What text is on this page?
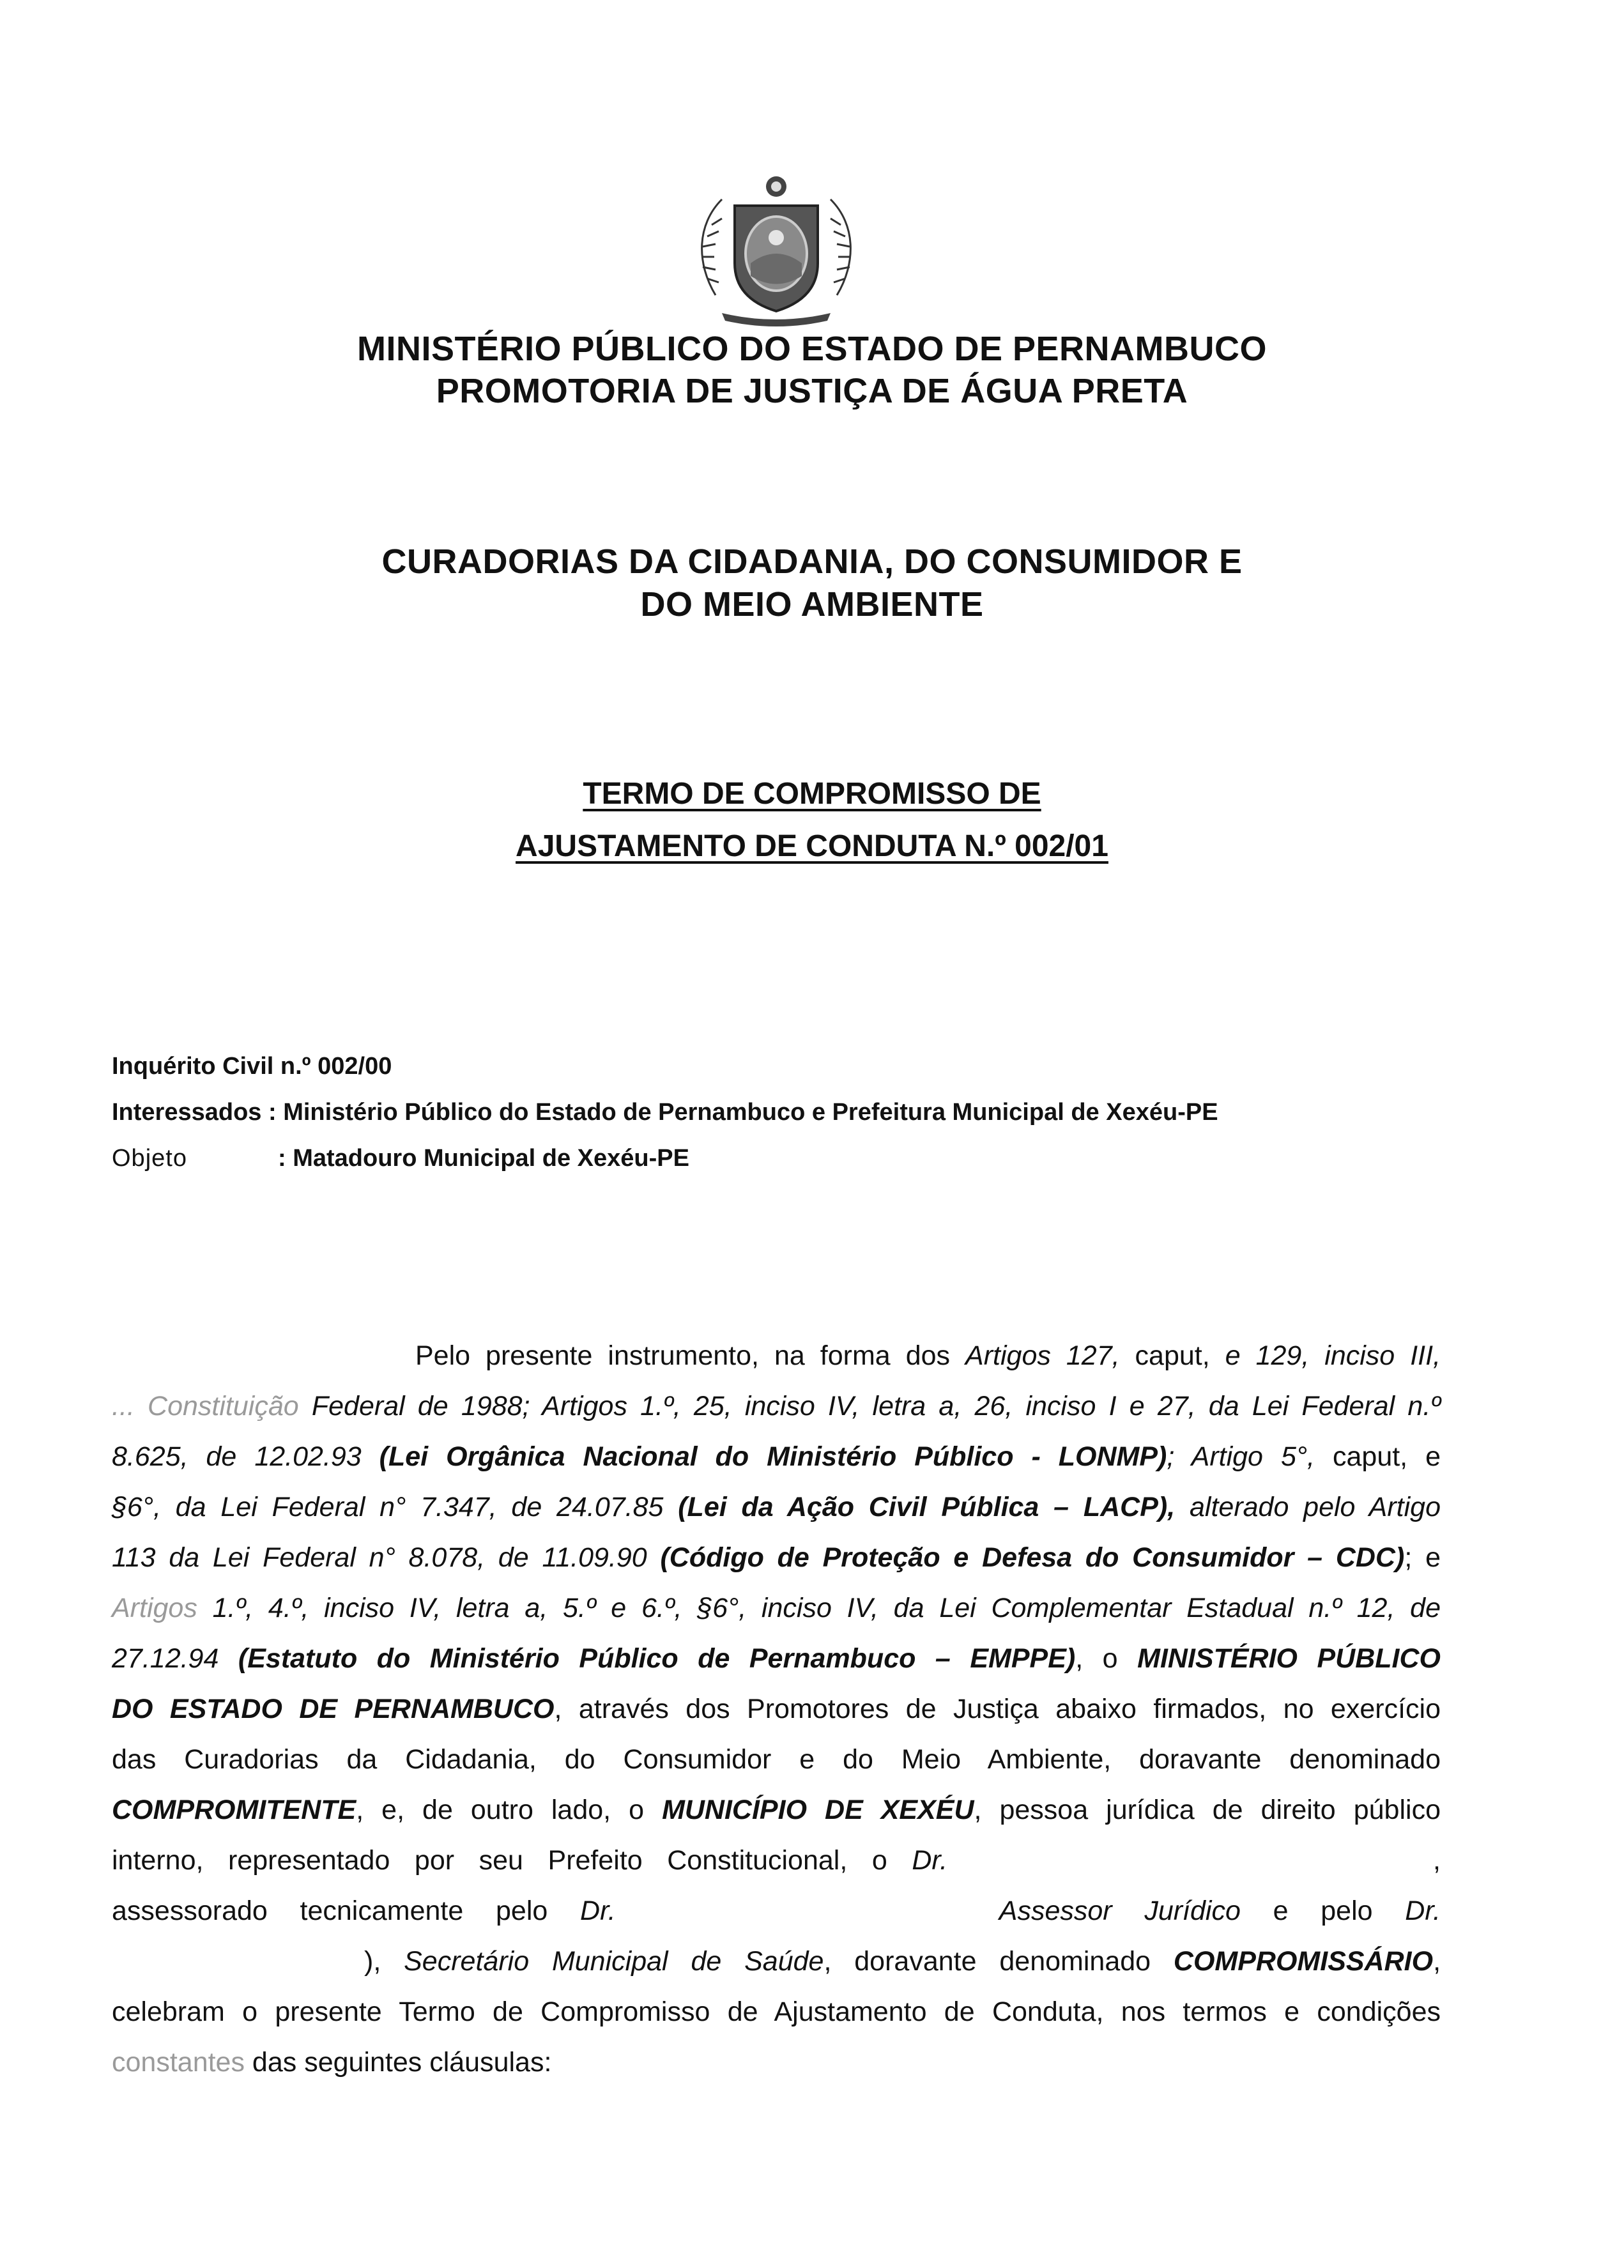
MINISTÉRIO PÚBLICO DO ESTADO DE PERNAMBUCO
PROMOTORIA DE JUSTIÇA DE ÁGUA PRETA
CURADORIAS DA CIDADANIA, DO CONSUMIDOR E
DO MEIO AMBIENTE
TERMO DE COMPROMISSO DE
AJUSTAMENTO DE CONDUTA N.º 002/01
Inquérito Civil n.º 002/00
Interessados : Ministério Público do Estado de Pernambuco e Prefeitura Municipal de Xexéu-PE
Objeto	: Matadouro Municipal de Xexéu-PE
Pelo presente instrumento, na forma dos Artigos 127, caput, e 129, inciso III,
... Constituição Federal de 1988; Artigos 1.º, 25, inciso IV, letra a, 26, inciso I e 27, da Lei Federal n.º
8.625, de 12.02.93 (Lei Orgânica Nacional do Ministério Público - LONMP); Artigo 5°, caput, e
§6°, da Lei Federal n° 7.347, de 24.07.85 (Lei da Ação Civil Pública – LACP), alterado pelo Artigo
113 da Lei Federal n° 8.078, de 11.09.90 (Código de Proteção e Defesa do Consumidor – CDC); e
Artigos 1.º, 4.º, inciso IV, letra a, 5.º e 6.º, §6°, inciso IV, da Lei Complementar Estadual n.º 12, de
27.12.94 (Estatuto do Ministério Público de Pernambuco – EMPPE), o MINISTÉRIO PÚBLICO
DO ESTADO DE PERNAMBUCO, através dos Promotores de Justiça abaixo firmados, no exercício
das Curadorias da Cidadania, do Consumidor e do Meio Ambiente, doravante denominado
COMPROMITENTE, e, de outro lado, o MUNICÍPIO DE XEXÉU, pessoa jurídica de direito público
interno, representado por seu Prefeito Constitucional, o Dr.	,
assessorado tecnicamente pelo Dr.	Assessor Jurídico e pelo Dr.
), Secretário Municipal de Saúde, doravante denominado COMPROMISSÁRIO,
celebram o presente Termo de Compromisso de Ajustamento de Conduta, nos termos e condições
constantes das seguintes cláusulas:
